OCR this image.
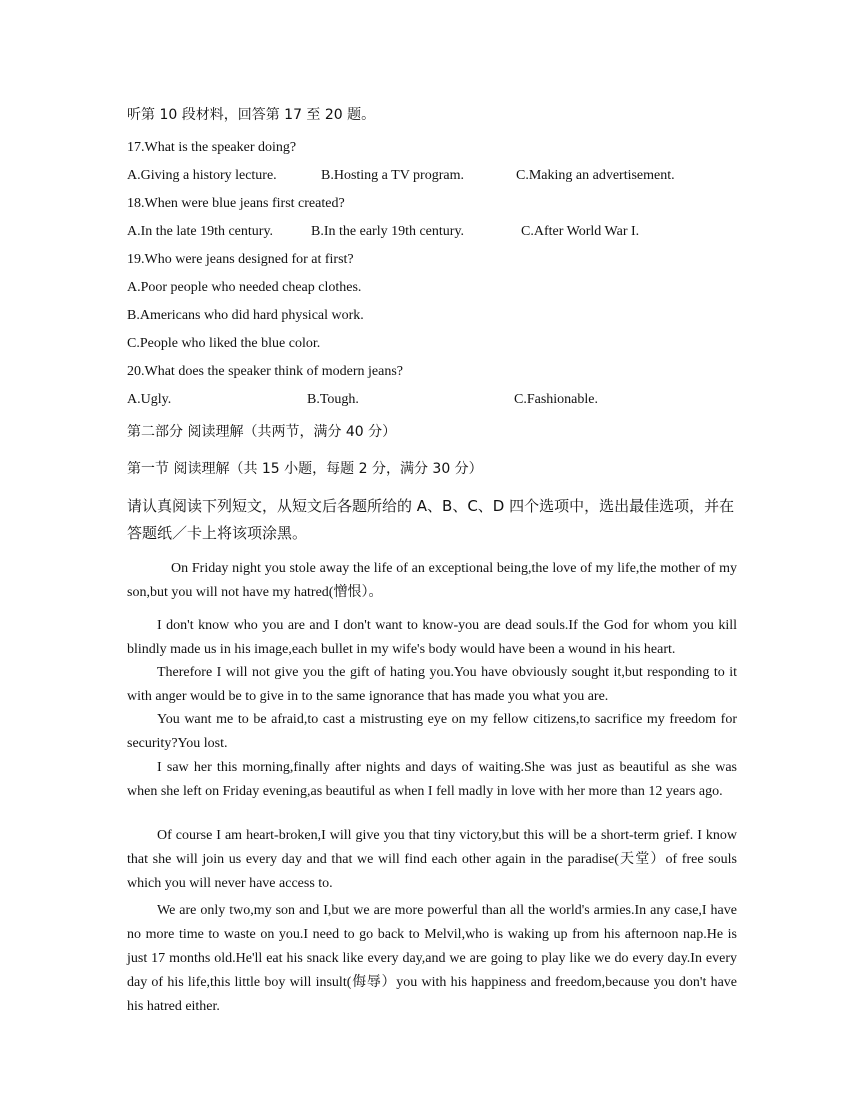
听第 10 段材料，回答第 17 至 20 题。
17.What is the speaker doing?
A.Giving a history lecture.	B.Hosting a TV program.	C.Making an advertisement.
18.When were blue jeans first created?
A.In the late 19th century.	B.In the early 19th century.	C.After World War I.
19.Who were jeans designed for at first?
A.Poor people who needed cheap clothes.
B.Americans who did hard physical work.
C.People who liked the blue color.
20.What does the speaker think of modern jeans?
A.Ugly.	B.Tough.	C.Fashionable.
第二部分 阅读理解（共两节，满分 40 分）
第一节 阅读理解（共 15 小题，每题 2 分，满分 30 分）
请认真阅读下列短文，从短文后各题所给的 A、B、C、D 四个选项中，选出最佳选项，并在答题纸／卡上将该项涂黑。
On Friday night you stole away the life of an exceptional being,the love of my life,the mother of my son,but you will not have my hatred(憎恨）。
I don't know who you are and I don't want to know-you are dead souls.If the God for whom you kill blindly made us in his image,each bullet in my wife's body would have been a wound in his heart.
Therefore I will not give you the gift of hating you.You have obviously sought it,but responding to it with anger would be to give in to the same ignorance that has made you what you are.
You want me to be afraid,to cast a mistrusting eye on my fellow citizens,to sacrifice my freedom for security?You lost.
I saw her this morning,finally after nights and days of waiting.She was just as beautiful as she was when she left on Friday evening,as beautiful as when I fell madly in love with her more than 12 years ago.
Of course I am heart-broken,I will give you that tiny victory,but this will be a short-term grief. I know that she will join us every day and that we will find each other again in the paradise(天堂）of free souls which you will never have access to.
We are only two,my son and I,but we are more powerful than all the world's armies.In any case,I have no more time to waste on you.I need to go back to Melvil,who is waking up from his afternoon nap.He is just 17 months old.He'll eat his snack like every day,and we are going to play like we do every day.In every day of his life,this little boy will insult(侮辱）you with his happiness and freedom,because you don't have his hatred either.
